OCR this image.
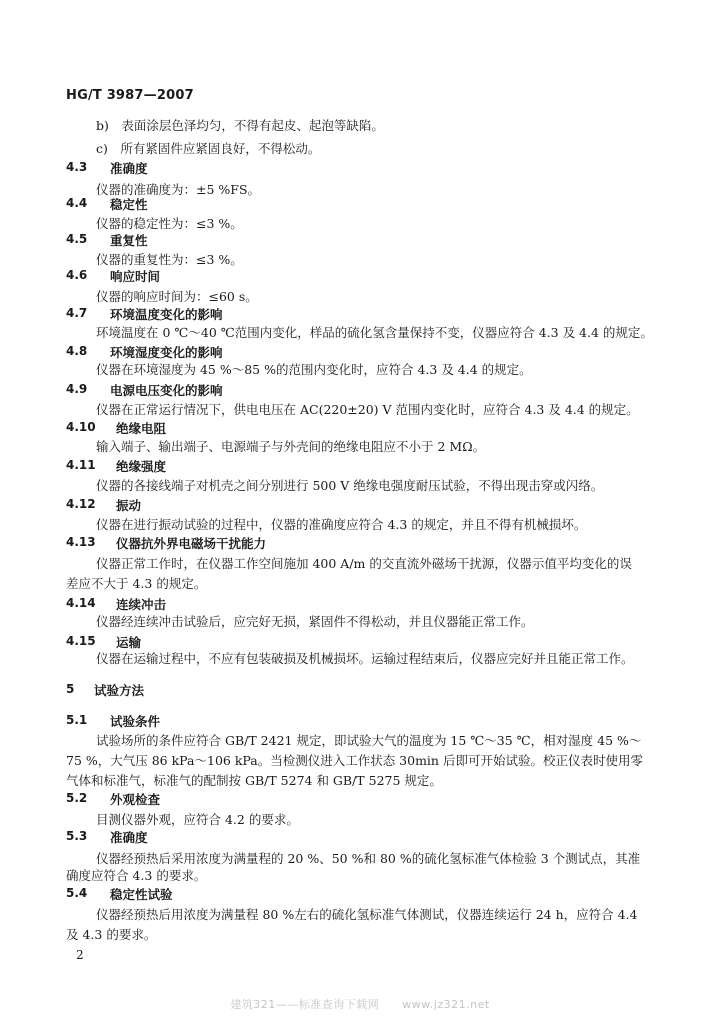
HG/T 3987—2007
b)　表面涂层色泽均匀，不得有起皮、起泡等缺陷。
c)　所有紧固件应紧固良好，不得松动。
4.3 准确度
仪器的准确度为：±5 %FS。
4.4 稳定性
仪器的稳定性为：≤3 %。
4.5 重复性
仪器的重复性为：≤3 %。
4.6 响应时间
仪器的响应时间为：≤60 s。
4.7 环境温度变化的影响
环境温度在 0 ℃～40 ℃范围内变化，样品的硫化氢含量保持不变，仪器应符合 4.3 及 4.4 的规定。
4.8 环境湿度变化的影响
仪器在环境湿度为 45 %～85 %的范围内变化时，应符合 4.3 及 4.4 的规定。
4.9 电源电压变化的影响
仪器在正常运行情况下，供电电压在 AC(220±20) V 范围内变化时，应符合 4.3 及 4.4 的规定。
4.10 绝缘电阻
输入端子、输出端子、电源端子与外壳间的绝缘电阻应不小于 2 MΩ。
4.11 绝缘强度
仪器的各接线端子对机壳之间分别进行 500 V 绝缘电强度耐压试验，不得出现击穿或闪络。
4.12 振动
仪器在进行振动试验的过程中，仪器的准确度应符合 4.3 的规定，并且不得有机械损坏。
4.13 仪器抗外界电磁场干扰能力
仪器正常工作时，在仪器工作空间施加 400 A/m 的交直流外磁场干扰源，仪器示值平均变化的误
差应不大于 4.3 的规定。
4.14 连续冲击
仪器经连续冲击试验后，应完好无损，紧固件不得松动，并且仪器能正常工作。
4.15 运输
仪器在运输过程中，不应有包装破损及机械损坏。运输过程结束后，仪器应完好并且能正常工作。
5 试验方法
5.1 试验条件
试验场所的条件应符合 GB/T 2421 规定，即试验大气的温度为 15 ℃～35 ℃，相对湿度 45 %～
75 %，大气压 86 kPa～106 kPa。当检测仪进入工作状态 30min 后即可开始试验。校正仪表时使用零
气体和标准气，标准气的配制按 GB/T 5274 和 GB/T 5275 规定。
5.2 外观检查
目测仪器外观，应符合 4.2 的要求。
5.3 准确度
仪器经预热后采用浓度为满量程的 20 %、50 %和 80 %的硫化氢标准气体检验 3 个测试点，其准
确度应符合 4.3 的要求。
5.4 稳定性试验
仪器经预热后用浓度为满量程 80 %左右的硫化氢标准气体测试，仪器连续运行 24 h，应符合 4.4
及 4.3 的要求。
2
建筑321——标准查询下载网　　www.jz321.net
